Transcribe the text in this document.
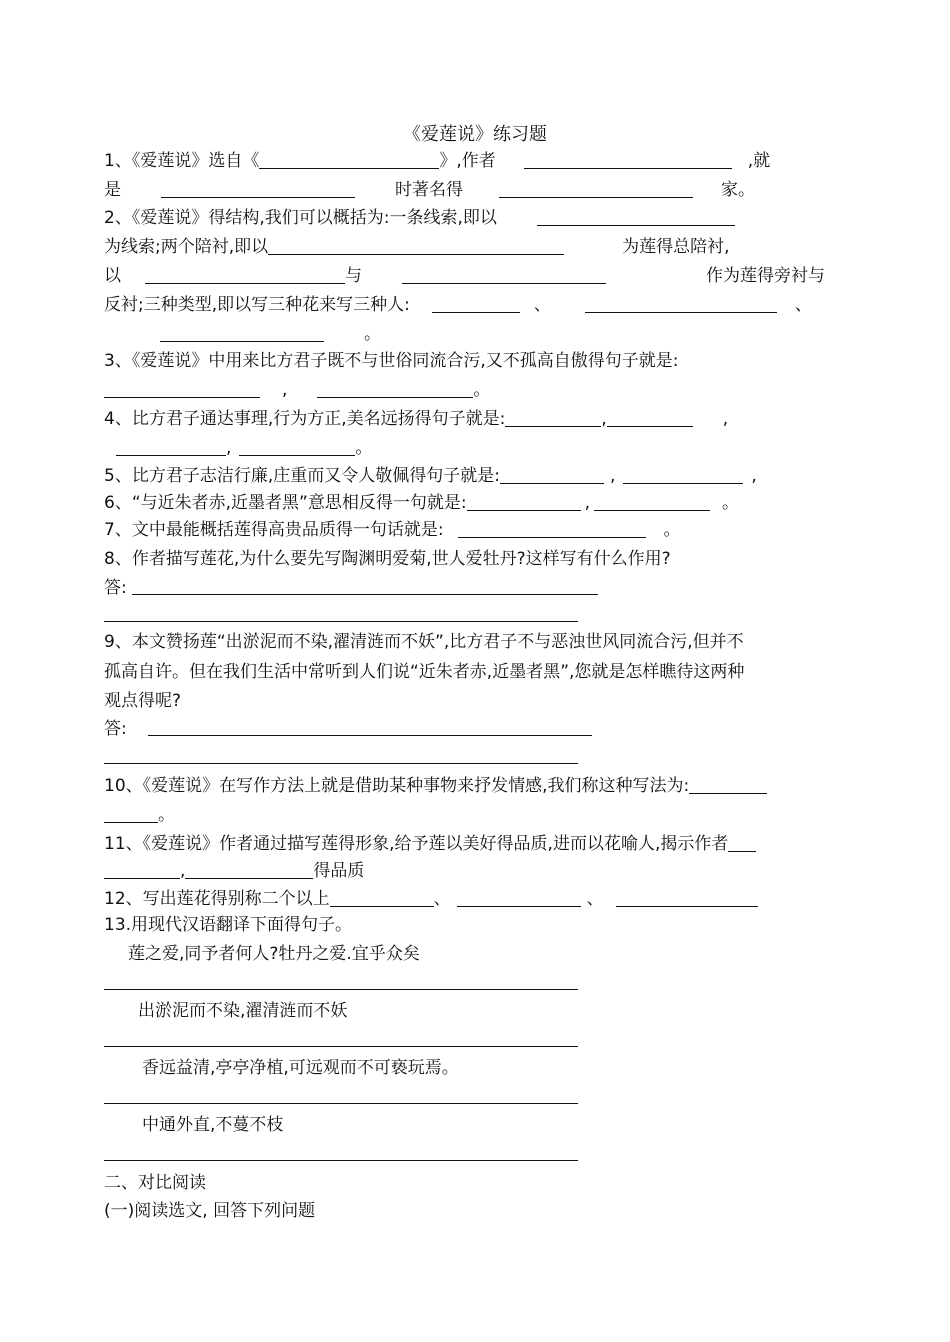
《爱莲说》练习题
1、《爱莲说》选自《	》,作者	,就
是	时著名得	家。
2、《爱莲说》得结构,我们可以概括为:一条线索,即以
为线索;两个陪衬,即以	为莲得总陪衬,
以	与	作为莲得旁衬与
反衬;三种类型,即以写三种花来写三种人:	、	、
。
3、《爱莲说》中用来比方君子既不与世俗同流合污,又不孤高自傲得句子就是:
,	。
4、比方君子通达事理,行为方正,美名远扬得句子就是:	,	,
,	。
5、比方君子志洁行廉,庄重而又令人敬佩得句子就是:	,	,
6、“与近朱者赤,近墨者黑”意思相反得一句就是:	,	。
7、文中最能概括莲得高贵品质得一句话就是:	。
8、作者描写莲花,为什么要先写陶渊明爱菊,世人爱牡丹?这样写有什么作用?
答:
9、本文赞扬莲“出淤泥而不染,濯清涟而不妖”,比方君子不与恶浊世风同流合污,但并不
孤高自许。但在我们生活中常听到人们说“近朱者赤,近墨者黑”,您就是怎样瞧待这两种
观点得呢?
答:
10、《爱莲说》在写作方法上就是借助某种事物来抒发情感,我们称这种写法为:
。
11、《爱莲说》作者通过描写莲得形象,给予莲以美好得品质,进而以花喻人,揭示作者
,	得品质
12、写出莲花得别称二个以上	、	、
13.用现代汉语翻译下面得句子。
莲之爱,同予者何人?牡丹之爱.宜乎众矣
出淤泥而不染,濯清涟而不妖
香远益清,亭亭净植,可远观而不可亵玩焉。
中通外直,不蔓不枝
二、对比阅读
(一)阅读选文, 回答下列问题
